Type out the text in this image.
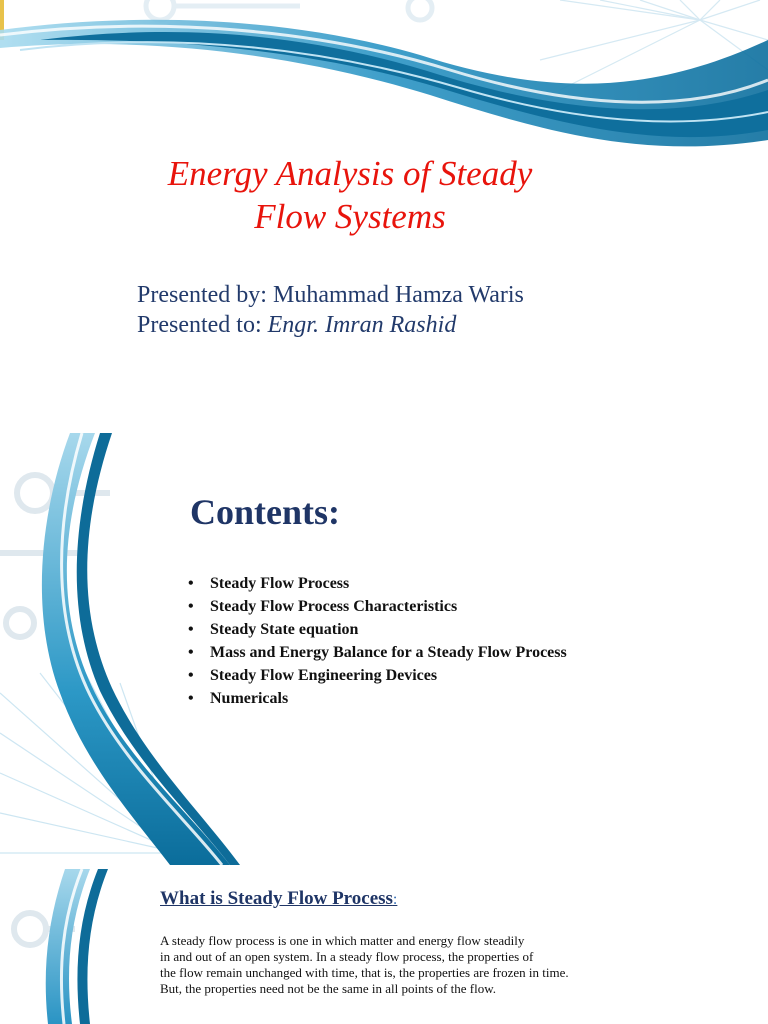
Energy Analysis of Steady
Flow Systems
Presented by: Muhammad Hamza Waris
Presented to: Engr. Imran Rashid
Contents:
• Steady Flow Process
• Steady Flow Process Characteristics
• Steady State equation
• Mass and Energy Balance for a Steady Flow Process
• Steady Flow Engineering Devices
• Numericals
What is Steady Flow Process:

A steady flow process is one in which matter and energy flow steadily
in and out of an open system. In a steady flow process, the properties of
the flow remain unchanged with time, that is, the properties are frozen in time.
But, the properties need not be the same in all points of the flow.
